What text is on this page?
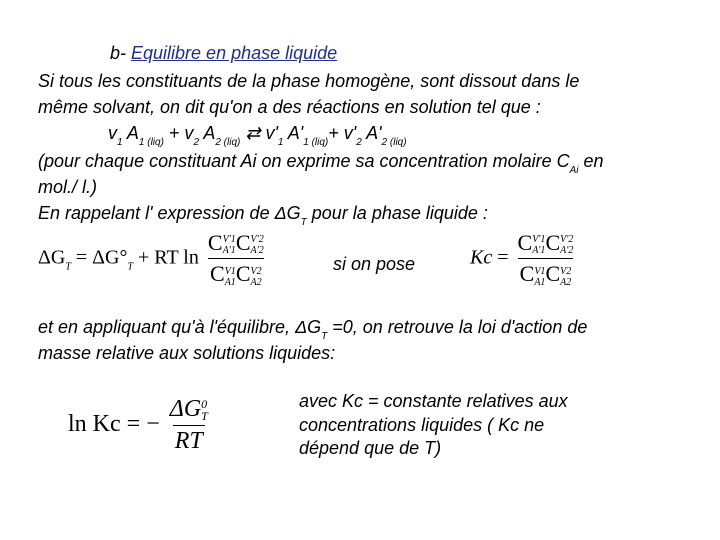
b- Equilibre en phase liquide
Si tous les constituants de la phase homogène, sont dissout dans le
même solvant, on dit qu'on a des réactions en solution tel que :
$v_1$ $A_{1 (liq)} + v_2$ $A_{2 (liq)}$ ⇄ $v'_1$ $A'_{1 (liq)}+ v'_2$ $A'_{2 (liq)}$
(pour chaque constituant Ai on exprime sa concentration molaire $C_{Ai}$ en
mol./ l.)
En rappelant l' expression de $\Delta G_T$ pour la phase liquide :
$\Delta G_T = \Delta G^\circ_T$ + RT ln C V'1
A'1 C V'2
A'2
C V1
A1 C V2
A2	si on pose	Kc = C V'1
A'1 C V'2
A'2
C V1
A1 C V2
A2
et en appliquant qu'à l'équilibre, $\Delta G_T =0$, on retrouve la loi d'action de
masse relative aux solutions liquides:
ln Kc = − ΔG 0
T
RT	avec Kc = constante relatives aux
concentrations liquides ( Kc ne
dépend que de T)
